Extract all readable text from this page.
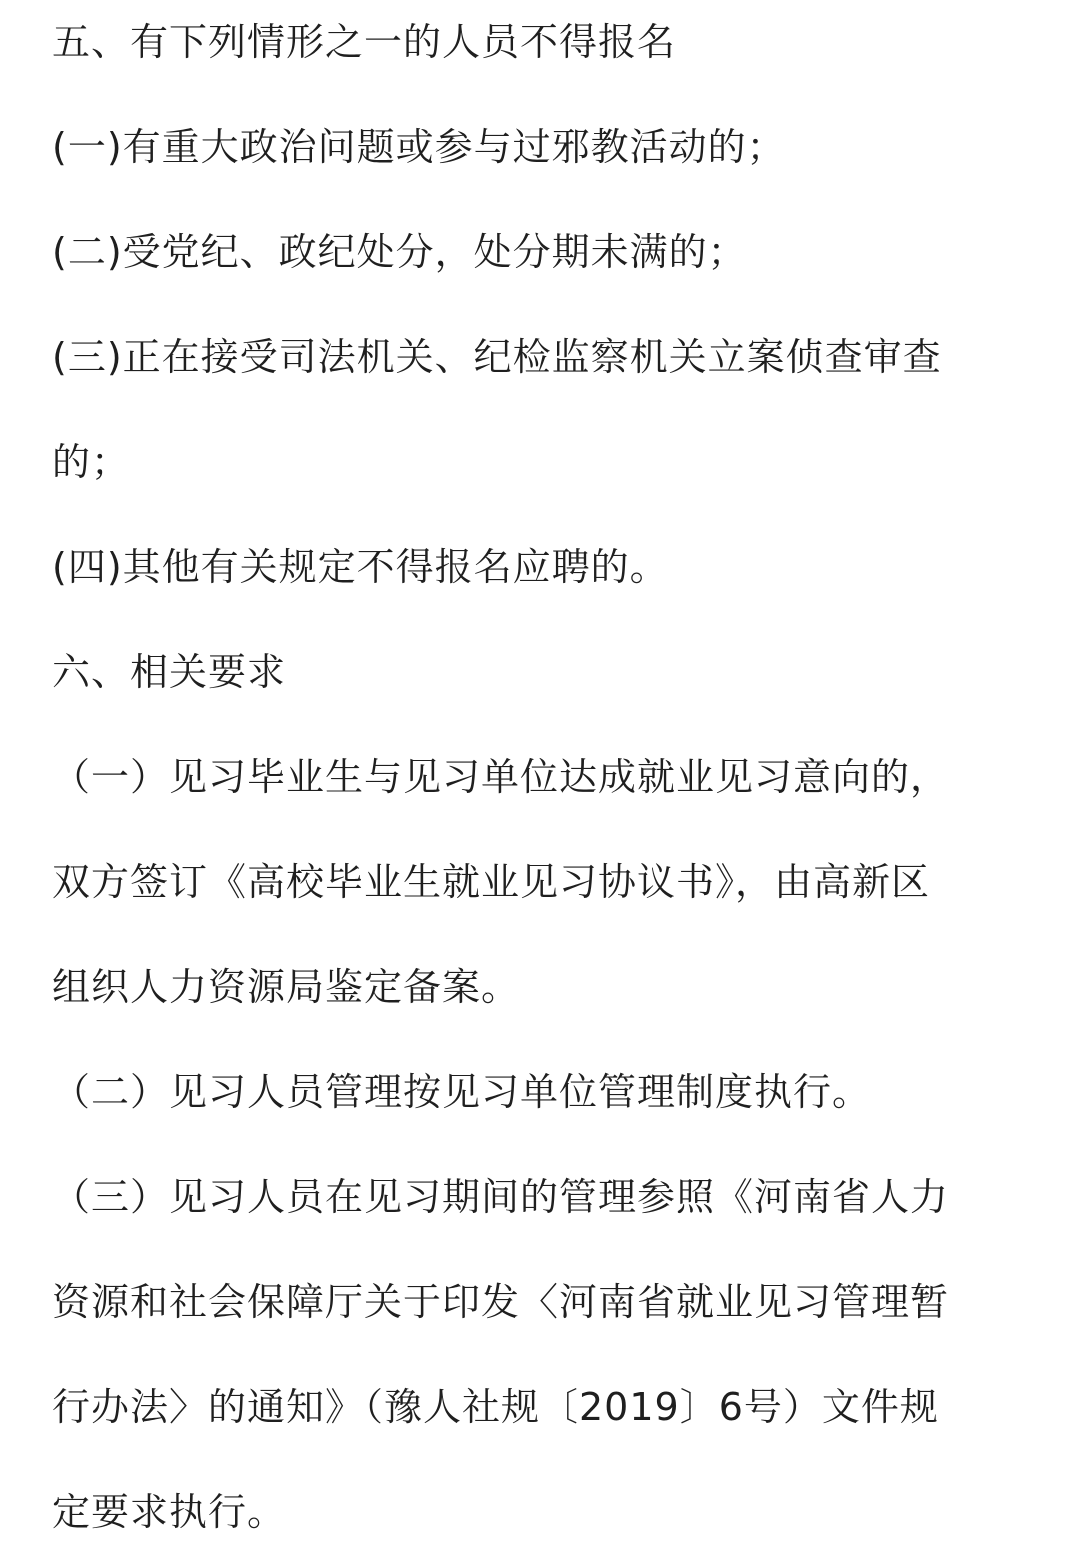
五、有下列情形之一的人员不得报名
(一)有重大政治问题或参与过邪教活动的；
(二)受党纪、政纪处分，处分期未满的；
(三)正在接受司法机关、纪检监察机关立案侦查审查
的；
(四)其他有关规定不得报名应聘的。
六、相关要求
（一）见习毕业生与见习单位达成就业见习意向的，
双方签订《高校毕业生就业见习协议书》，由高新区
组织人力资源局鉴定备案。
（二）见习人员管理按见习单位管理制度执行。
（三）见习人员在见习期间的管理参照《河南省人力
资源和社会保障厅关于印发〈河南省就业见习管理暂
行办法〉的通知》（豫人社规〔2019〕6号）文件规
定要求执行。
